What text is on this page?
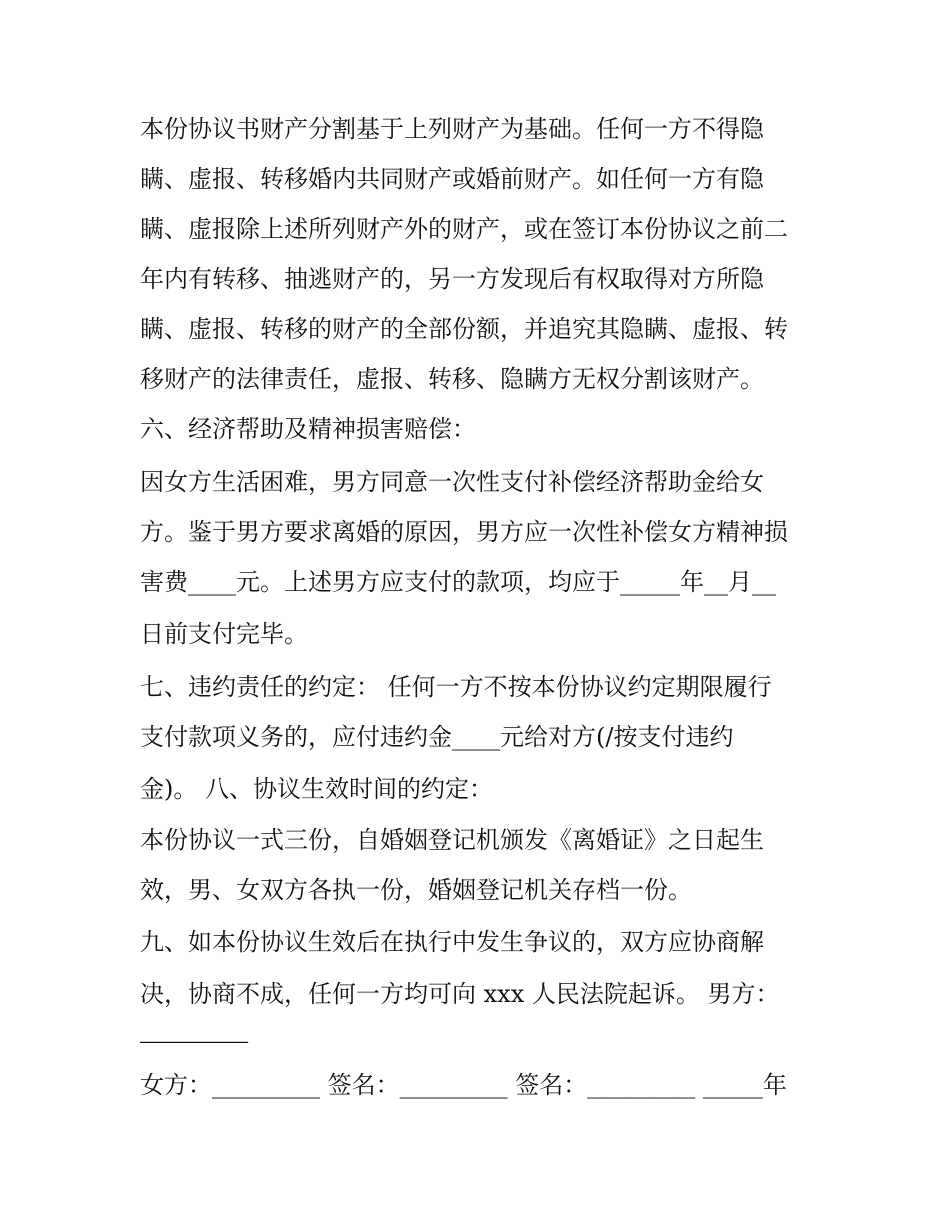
本份协议书财产分割基于上列财产为基础。任何一方不得隐
瞒、虚报、转移婚内共同财产或婚前财产。如任何一方有隐
瞒、虚报除上述所列财产外的财产，或在签订本份协议之前二
年内有转移、抽逃财产的，另一方发现后有权取得对方所隐
瞒、虚报、转移的财产的全部份额，并追究其隐瞒、虚报、转
移财产的法律责任，虚报、转移、隐瞒方无权分割该财产。
六、经济帮助及精神损害赔偿：
因女方生活困难，男方同意一次性支付补偿经济帮助金给女
方。鉴于男方要求离婚的原因，男方应一次性补偿女方精神损
害费____元。上述男方应支付的款项，均应于_____年__月__
日前支付完毕。
七、违约责任的约定： 任何一方不按本份协议约定期限履行
支付款项义务的，应付违约金____元给对方(/按支付违约
金)。 八、协议生效时间的约定：
本份协议一式三份，自婚姻登记机颁发《离婚证》之日起生
效，男、女双方各执一份，婚姻登记机关存档一份。
九、如本份协议生效后在执行中发生争议的，双方应协商解
决，协商不成，任何一方均可向 xxx 人民法院起诉。 男方：
_________
女方：_________ 签名：_________ 签名：_________ _____年
